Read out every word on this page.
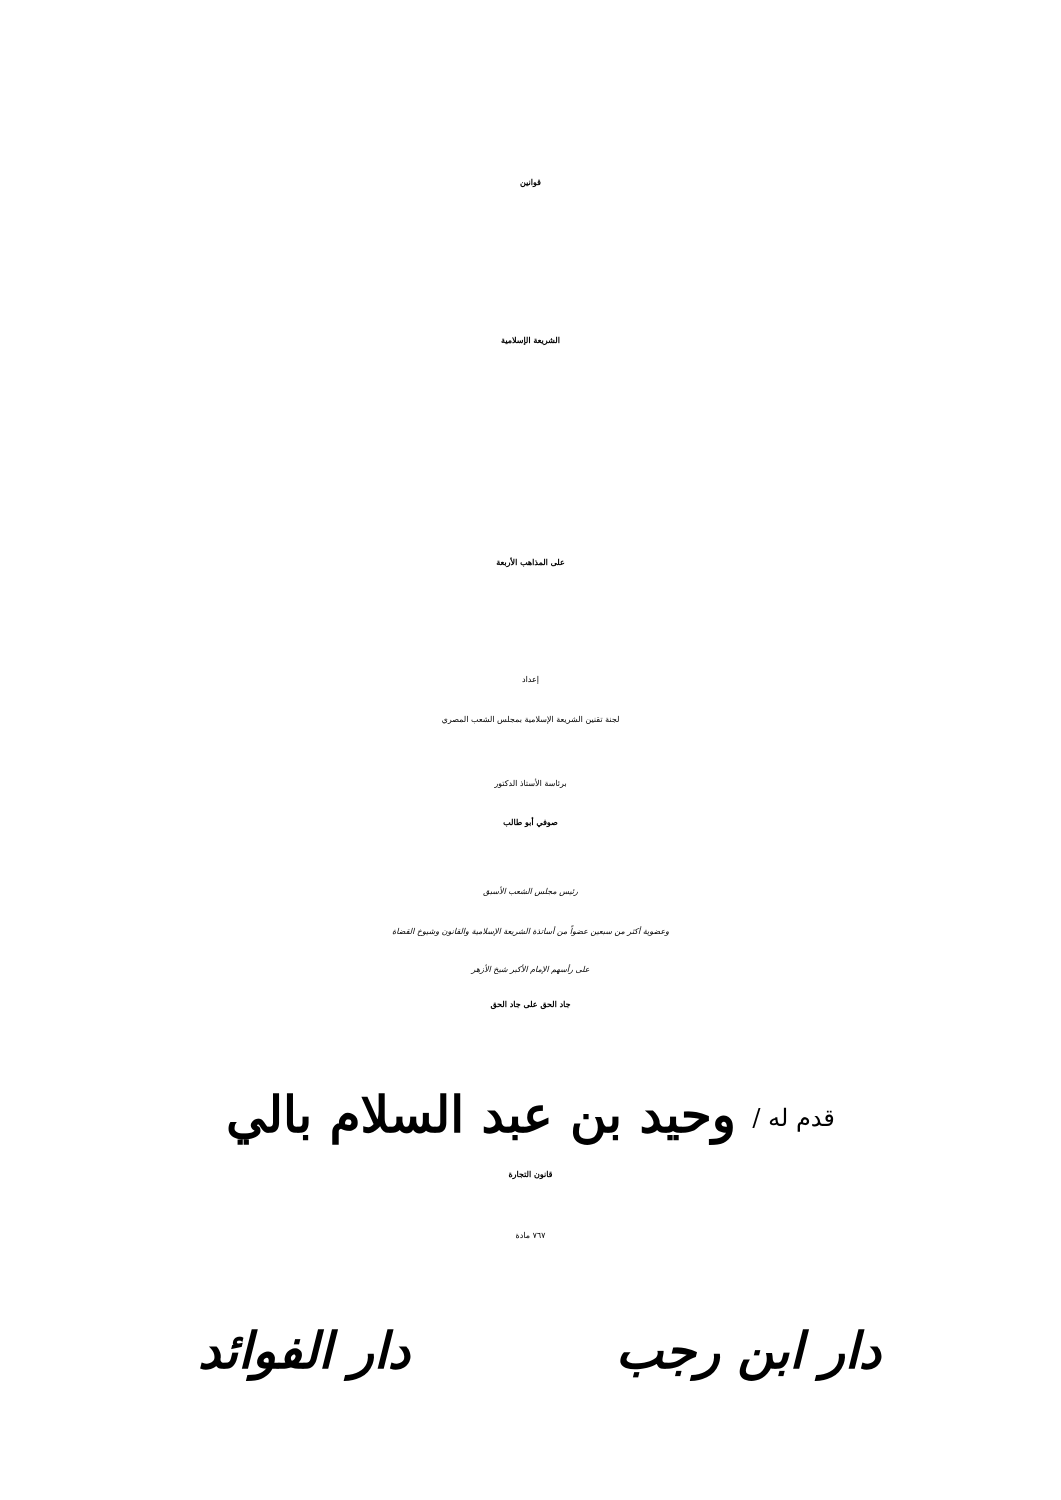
قوانين
الشريعة الإسلامية
على المذاهب الأربعة
إعداد
لجنة تقنين الشريعة الإسلامية بمجلس الشعب المصري
برئاسة الأستاذ الدكتور
صوفي أبو طالب
رئيس مجلس الشعب الأسبق
وعضوية أكثر من سبعين عضواً من أساتذة الشريعة الإسلامية والقانون وشيوخ القضاة
على رأسهم الإمام الأكبر شيخ الأزهر
جاد الحق على جاد الحق
قدم له / وحيد بن عبد السلام بالي
قانون التجارة
٧٦٧ مادة
دار ابن رجب
دار الفوائد
